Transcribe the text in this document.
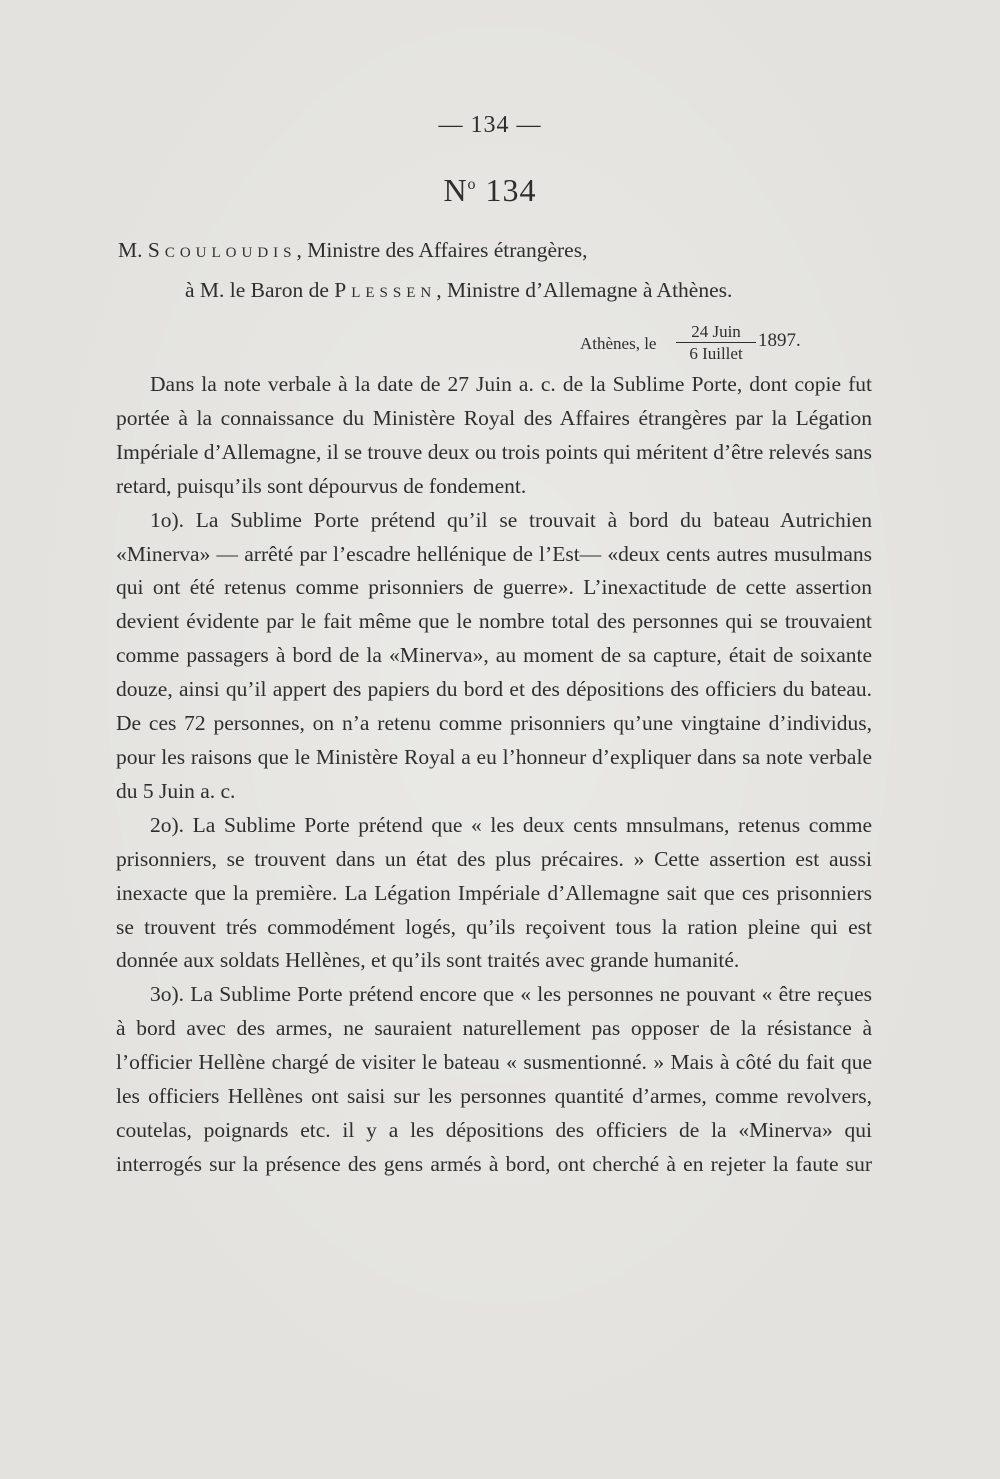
— 134 —
$N^o$ 134
M. Scouloudis, Ministre des Affaires étrangères,
à M. le Baron de Plessen, Ministre d’Allemagne à Athènes.
Athènes, le
24 Juin
6 Iuillet
1897.

Dans la note verbale à la date de 27 Juin a. c. de la Sublime Porte, dont copie fut portée à la connaissance du Ministère Royal des Affaires étrangères par la Légation Impériale d’Allemagne, il se trouve deux ou trois points qui méritent d’être relevés sans retard, puisqu’ils sont dépourvus de fondement.

1o). La Sublime Porte prétend qu’il se trouvait à bord du bateau Autrichien «Minerva» — arrêté par l’escadre hellénique de l’Est— «deux cents autres musulmans qui ont été retenus comme prisonniers de guerre». L’inexactitude de cette assertion devient évidente par le fait même que le nombre total des personnes qui se trouvaient comme passagers à bord de la «Minerva», au moment de sa capture, était de soixante douze, ainsi qu’il appert des papiers du bord et des dépositions des officiers du bateau. De ces 72 personnes, on n’a retenu comme prisonniers qu’une vingtaine d’individus, pour les raisons que le Ministère Royal a eu l’honneur d’expliquer dans sa note verbale du 5 Juin a. c.

2o). La Sublime Porte prétend que « les deux cents mnsulmans, retenus comme prisonniers, se trouvent dans un état des plus précaires. » Cette assertion est aussi inexacte que la première. La Légation Impériale d’Allemagne sait que ces prisonniers se trouvent trés commodément logés, qu’ils reçoivent tous la ration pleine qui est donnée aux soldats Hellènes, et qu’ils sont traités avec grande humanité.

3o). La Sublime Porte prétend encore que « les personnes ne pouvant « être reçues à bord avec des armes, ne sauraient naturellement pas opposer de la résistance à l’officier Hellène chargé de visiter le bateau « susmentionné. » Mais à côté du fait que les officiers Hellènes ont saisi sur les personnes quantité d’armes, comme revolvers, coutelas, poignards etc. il y a les dépositions des officiers de la «Minerva» qui interrogés sur la présence des gens armés à bord, ont cherché à en rejeter la faute sur
